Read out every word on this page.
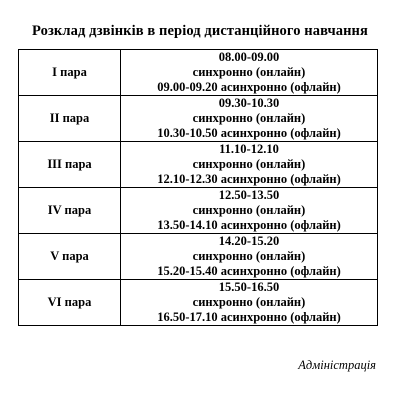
Розклад дзвінків в період дистанційного навчання
I пара	08.00-09.00
синхронно (онлайн)
09.00-09.20 асинхронно (офлайн)

II пара	09.30-10.30
синхронно (онлайн)
10.30-10.50 асинхронно (офлайн)

III пара	11.10-12.10
синхронно (онлайн)
12.10-12.30 асинхронно (офлайн)

IV пара	12.50-13.50
синхронно (онлайн)
13.50-14.10 асинхронно (офлайн)

V пара	14.20-15.20
синхронно (онлайн)
15.20-15.40 асинхронно (офлайн)

VI пара	15.50-16.50
синхронно (онлайн)
16.50-17.10 асинхронно (офлайн)
Адміністрація
